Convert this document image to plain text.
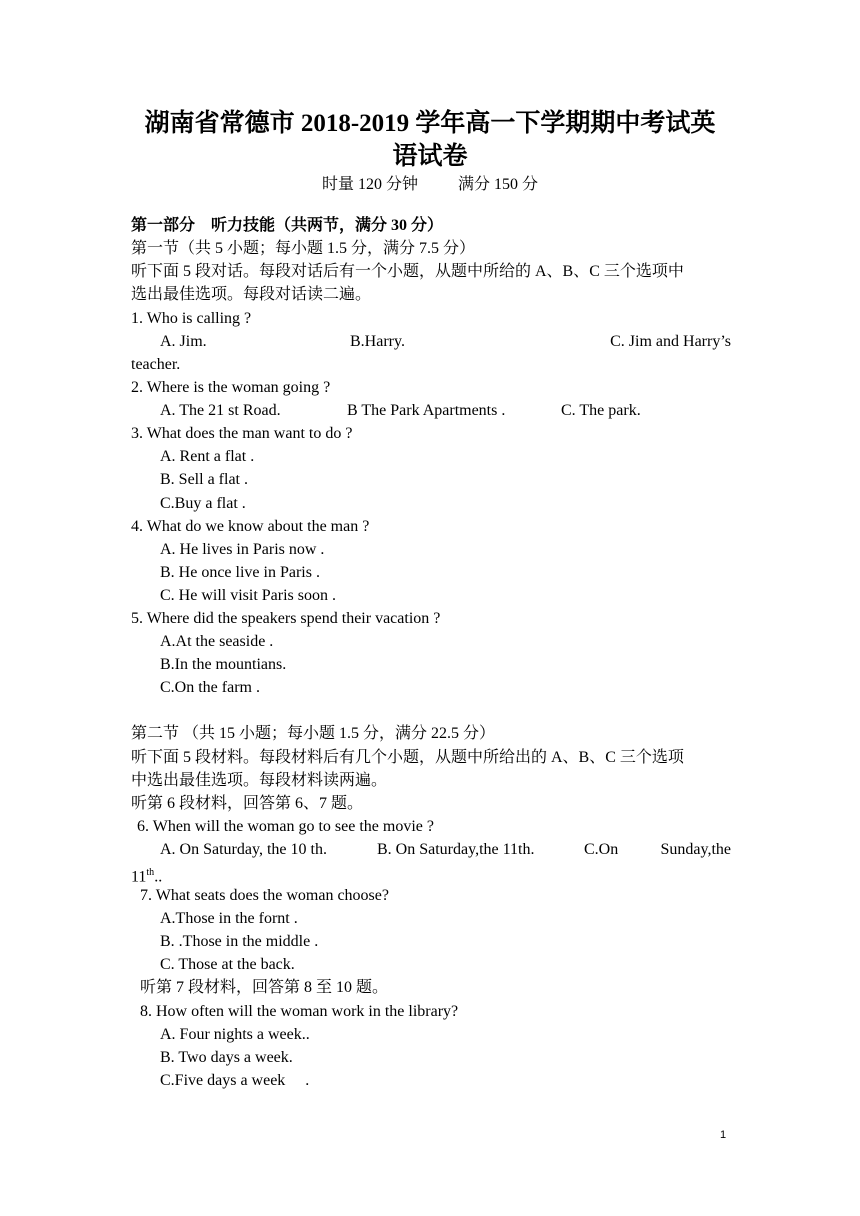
湖南省常德市 2018-2019 学年高一下学期期中考试英
语试卷
时量 120 分钟	满分 150 分
第一部分　听力技能（共两节，满分 30 分）
第一节（共 5 小题；每小题 1.5 分，满分 7.5 分）
听下面 5 段对话。每段对话后有一个小题，从题中所给的 A、B、C 三个选项中
选出最佳选项。每段对话读二遍。
1. Who is calling ?
A. Jim.	B.Harry.	C. Jim and Harry’s
teacher.
2. Where is the woman going ?
A. The 21 st Road.	B The Park Apartments .	C. The park.
3. What does the man want to do ?
A. Rent a flat .
B. Sell a flat .
C.Buy a flat .
4. What do we know about the man ?
A. He lives in Paris now .
B. He once live in Paris .
C. He will visit Paris soon .
5. Where did the speakers spend their vacation ?
A.At the seaside .
B.In the mountians.
C.On the farm .
第二节 （共 15 小题；每小题 1.5 分，满分 22.5 分）
听下面 5 段材料。每段材料后有几个小题，从题中所给出的 A、B、C 三个选项
中选出最佳选项。每段材料读两遍。
听第 6 段材料，回答第 6、7 题。
6. When will the woman go to see the movie ?
A. On Saturday, the 10 th.	B. On Saturday,the 11th.	C.On	Sunday,the
11th..
7. What seats does the woman choose?
A.Those in the fornt .
B. .Those in the middle .
C. Those at the back.
听第 7 段材料，回答第 8 至 10 题。
8. How often will the woman work in the library?
A. Four nights a week..
B. Two days a week.
C.Five days a week　 .
1
